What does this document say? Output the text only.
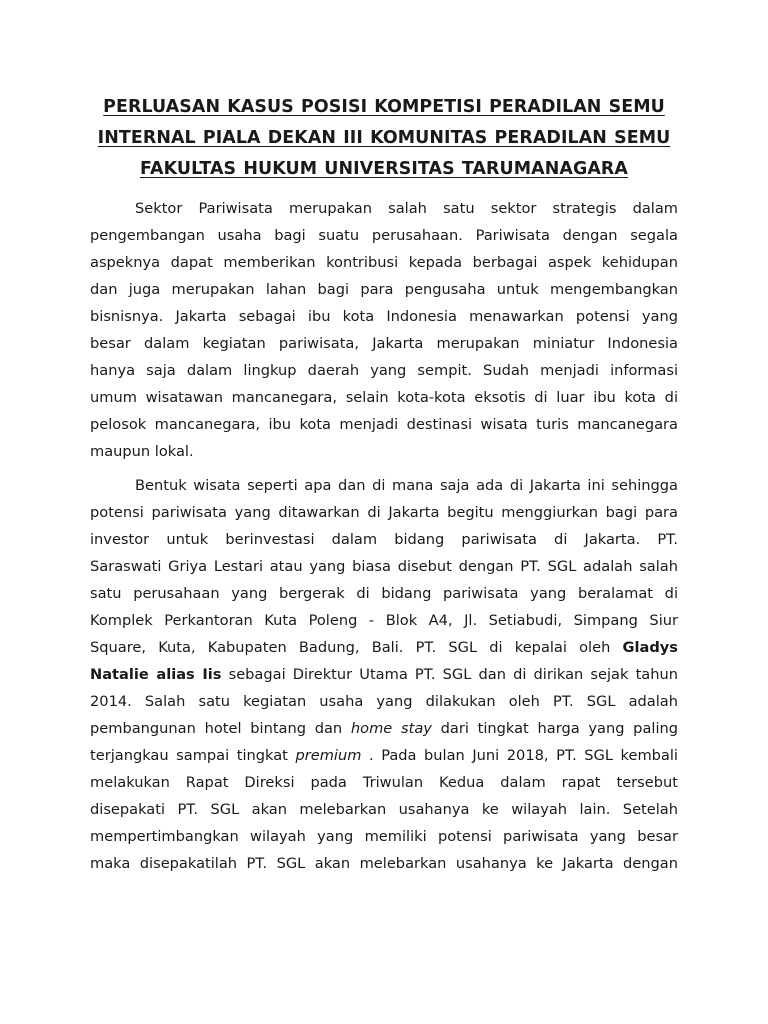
PERLUASAN KASUS POSISI KOMPETISI PERADILAN SEMU
INTERNAL PIALA DEKAN III KOMUNITAS PERADILAN SEMU
FAKULTAS HUKUM UNIVERSITAS TARUMANAGARA
Sektor Pariwisata merupakan salah satu sektor strategis dalam
pengembangan usaha bagi suatu perusahaan. Pariwisata dengan segala
aspeknya dapat memberikan kontribusi kepada berbagai aspek kehidupan
dan juga merupakan lahan bagi para pengusaha untuk mengembangkan
bisnisnya. Jakarta sebagai ibu kota Indonesia menawarkan potensi yang
besar dalam kegiatan pariwisata, Jakarta merupakan miniatur Indonesia
hanya saja dalam lingkup daerah yang sempit. Sudah menjadi informasi
umum wisatawan mancanegara, selain kota-kota eksotis di luar ibu kota di
pelosok mancanegara, ibu kota menjadi destinasi wisata turis mancanegara
maupun lokal.
Bentuk wisata seperti apa dan di mana saja ada di Jakarta ini sehingga
potensi pariwisata yang ditawarkan di Jakarta begitu menggiurkan bagi para
investor untuk berinvestasi dalam bidang pariwisata di Jakarta. PT.
Saraswati Griya Lestari atau yang biasa disebut dengan PT. SGL adalah salah
satu perusahaan yang bergerak di bidang pariwisata yang beralamat di
Komplek Perkantoran Kuta Poleng - Blok A4, Jl. Setiabudi, Simpang Siur
Square, Kuta, Kabupaten Badung, Bali. PT. SGL di kepalai oleh Gladys
Natalie alias Iis sebagai Direktur Utama PT. SGL dan di dirikan sejak tahun
2014. Salah satu kegiatan usaha yang dilakukan oleh PT. SGL adalah
pembangunan hotel bintang dan home stay dari tingkat harga yang paling
terjangkau sampai tingkat premium . Pada bulan Juni 2018, PT. SGL kembali
melakukan Rapat Direksi pada Triwulan Kedua dalam rapat tersebut
disepakati PT. SGL akan melebarkan usahanya ke wilayah lain. Setelah
mempertimbangkan wilayah yang memiliki potensi pariwisata yang besar
maka disepakatilah PT. SGL akan melebarkan usahanya ke Jakarta dengan
